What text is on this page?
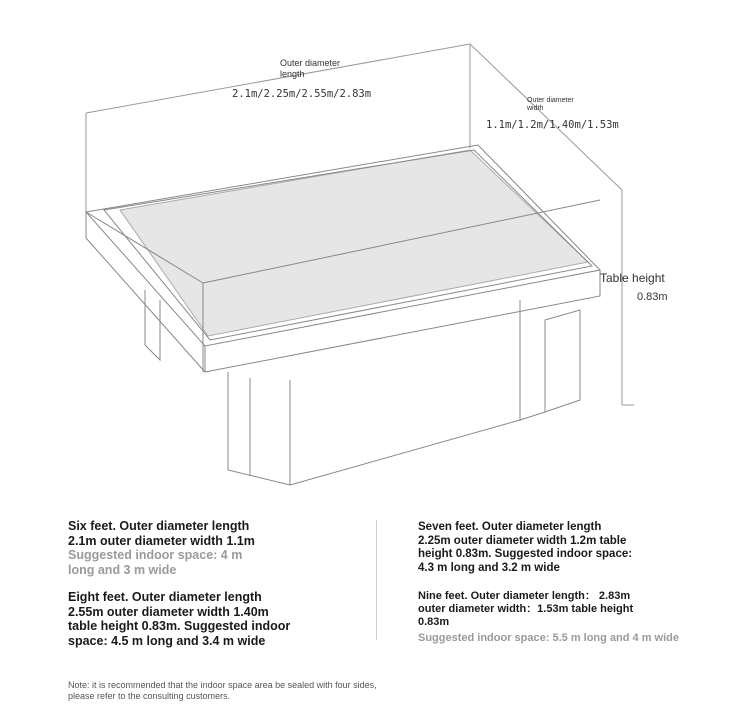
Outer diameter
length
2.1m/2.25m/2.55m/2.83m
Outer diameter
width
1.1m/1.2m/1.40m/1.53m
Table height
0.83m
Six feet. Outer diameter length
2.1m outer diameter width 1.1m
Suggested indoor space: 4 m
long and 3 m wide
Eight feet. Outer diameter length
2.55m outer diameter width 1.40m
table height 0.83m. Suggested indoor
space: 4.5 m long and 3.4 m wide
Seven feet. Outer diameter length
2.25m outer diameter width 1.2m table
height 0.83m. Suggested indoor space:
4.3 m long and 3.2 m wide
Nine feet. Outer diameter length： 2.83m
outer diameter width：1.53m table height
0.83m
Suggested indoor space: 5.5 m long and 4 m wide
Note: it is recommended that the indoor space area be sealed with four sides,
please refer to the consulting customers.
